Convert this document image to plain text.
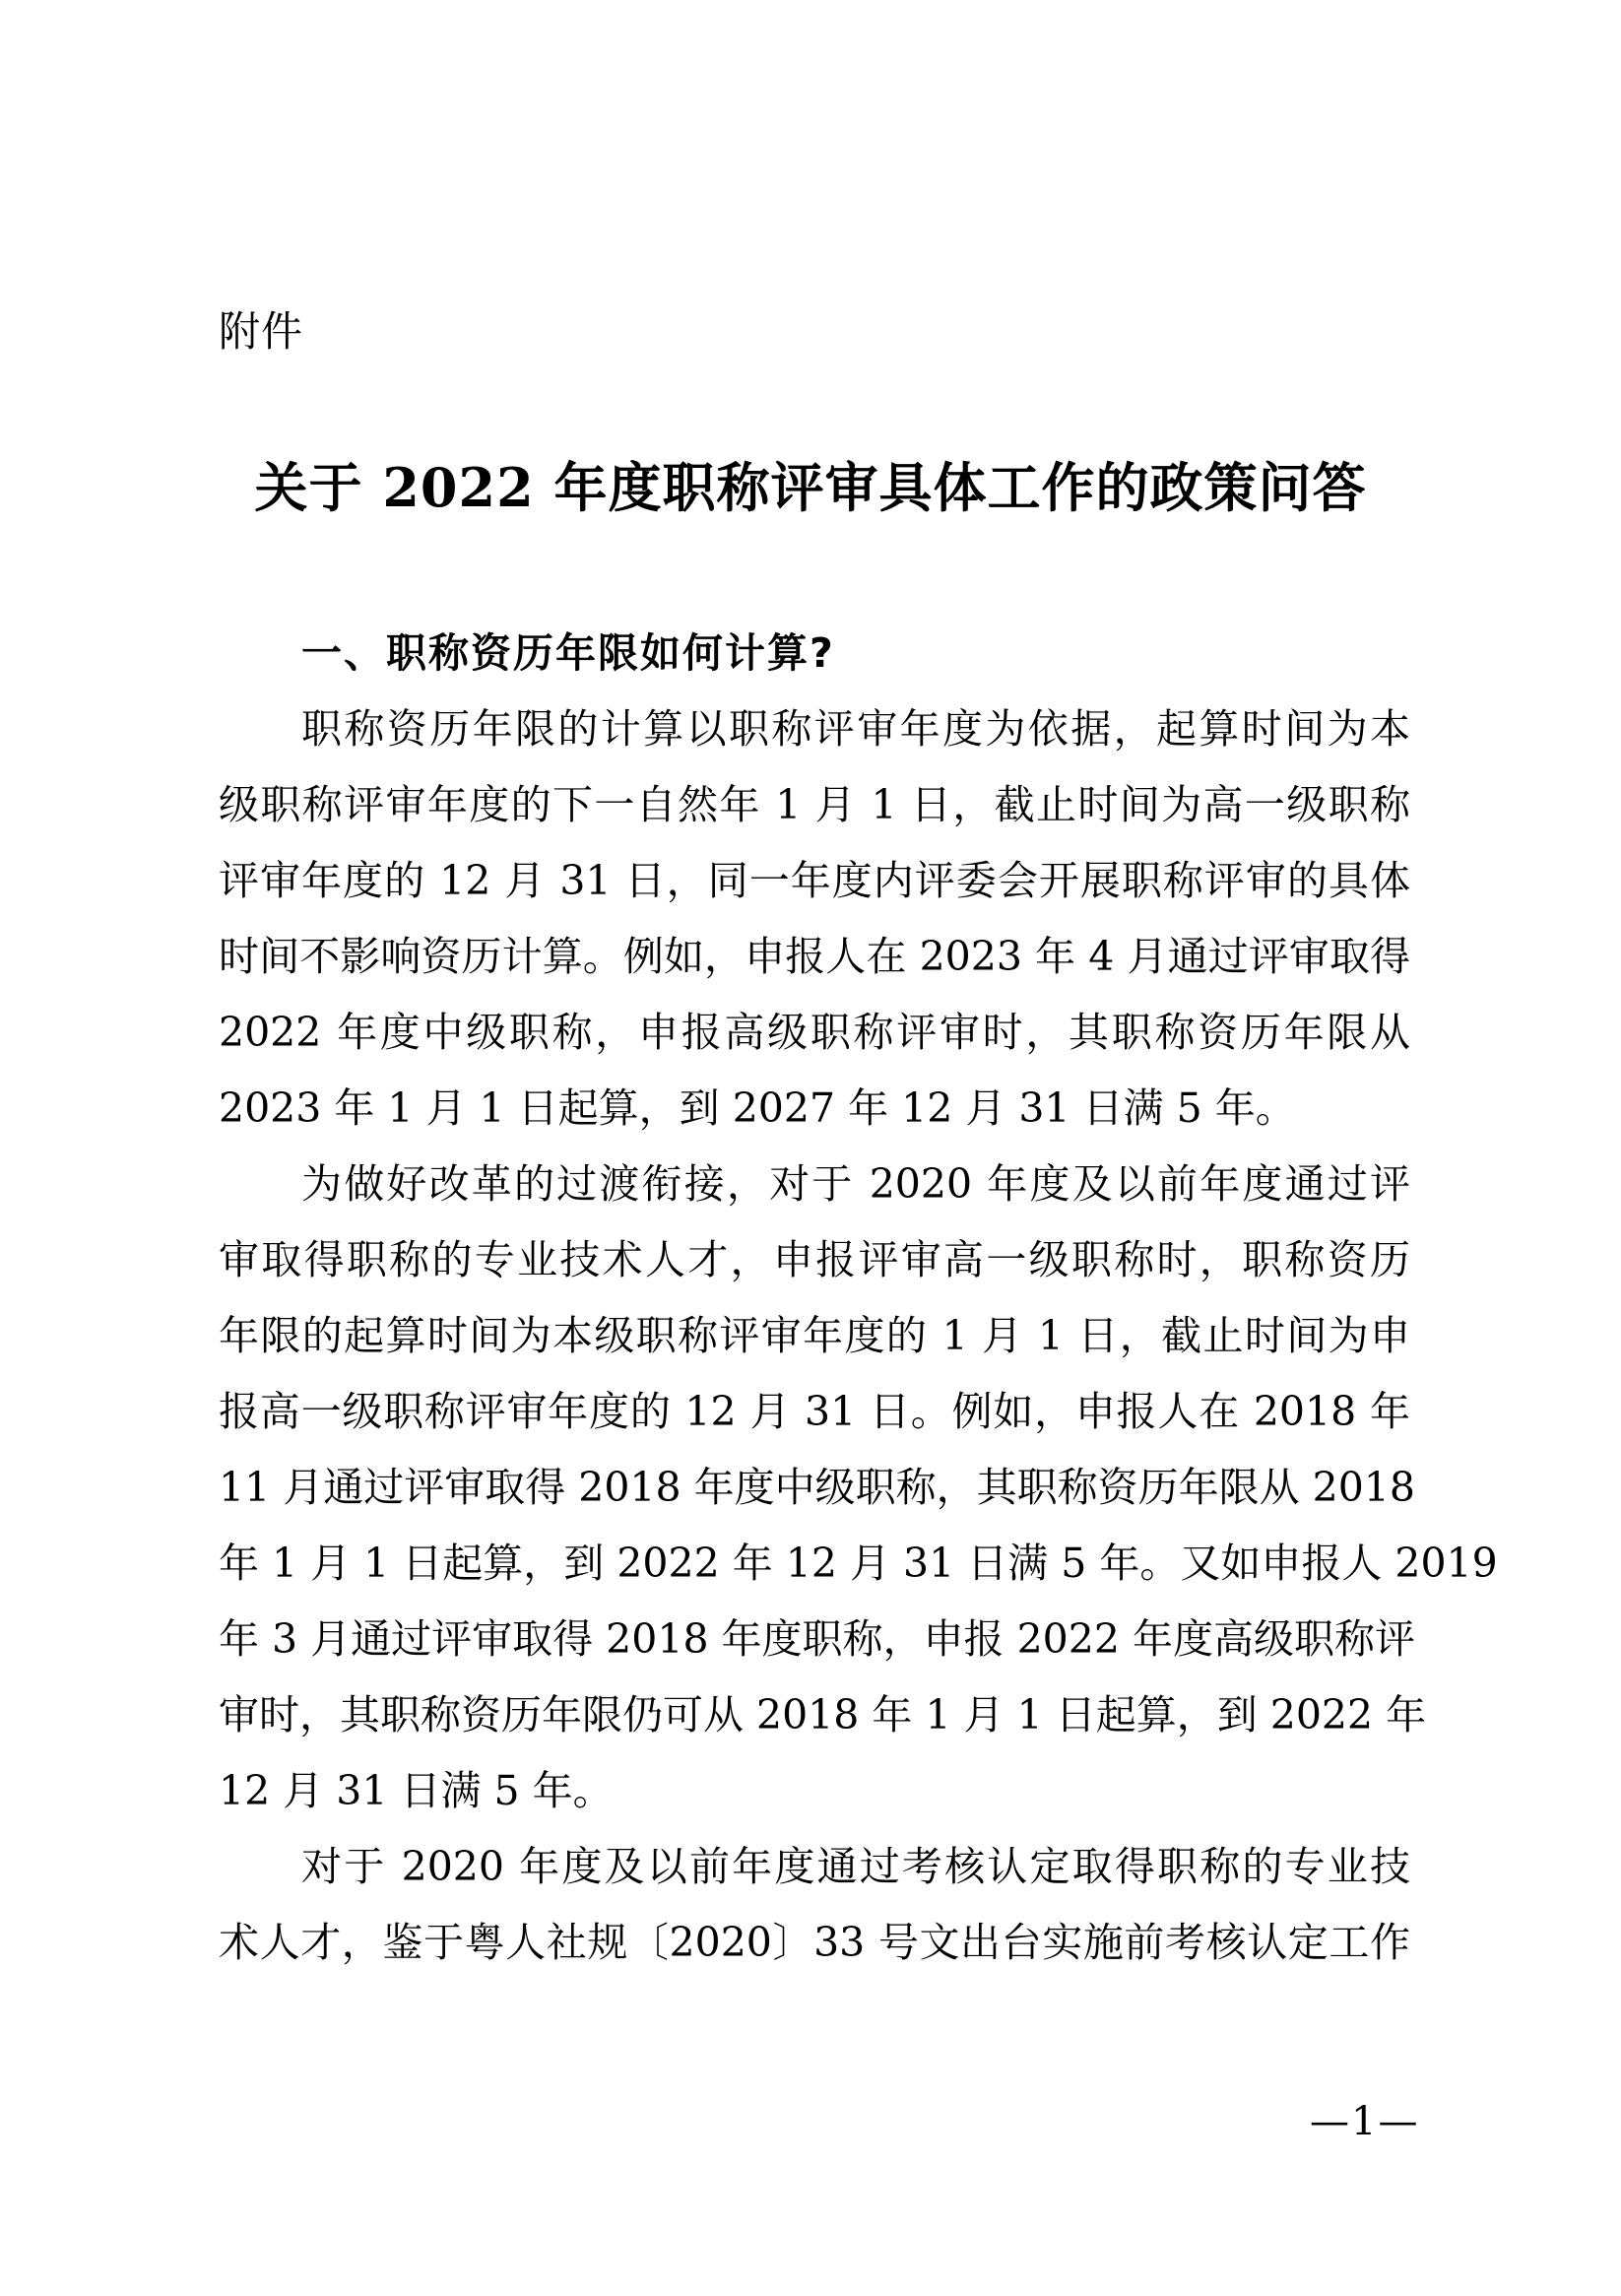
附件
关于 2022 年度职称评审具体工作的政策问答
一、职称资历年限如何计算?
职称资历年限的计算以职称评审年度为依据，起算时间为本
级职称评审年度的下一自然年 1 月 1 日，截止时间为高一级职称
评审年度的 12 月 31 日，同一年度内评委会开展职称评审的具体
时间不影响资历计算。例如，申报人在 2023 年 4 月通过评审取得
2022 年度中级职称，申报高级职称评审时，其职称资历年限从
2023 年 1 月 1 日起算，到 2027 年 12 月 31 日满 5 年。
为做好改革的过渡衔接，对于 2020 年度及以前年度通过评
审取得职称的专业技术人才，申报评审高一级职称时，职称资历
年限的起算时间为本级职称评审年度的 1 月 1 日，截止时间为申
报高一级职称评审年度的 12 月 31 日。例如，申报人在 2018 年
11 月通过评审取得 2018 年度中级职称，其职称资历年限从 2018
年 1 月 1 日起算，到 2022 年 12 月 31 日满 5 年。又如申报人 2019
年 3 月通过评审取得 2018 年度职称，申报 2022 年度高级职称评
审时，其职称资历年限仍可从 2018 年 1 月 1 日起算，到 2022 年
12 月 31 日满 5 年。
对于 2020 年度及以前年度通过考核认定取得职称的专业技
术人才，鉴于粤人社规〔2020〕33 号文出台实施前考核认定工作
—1—
